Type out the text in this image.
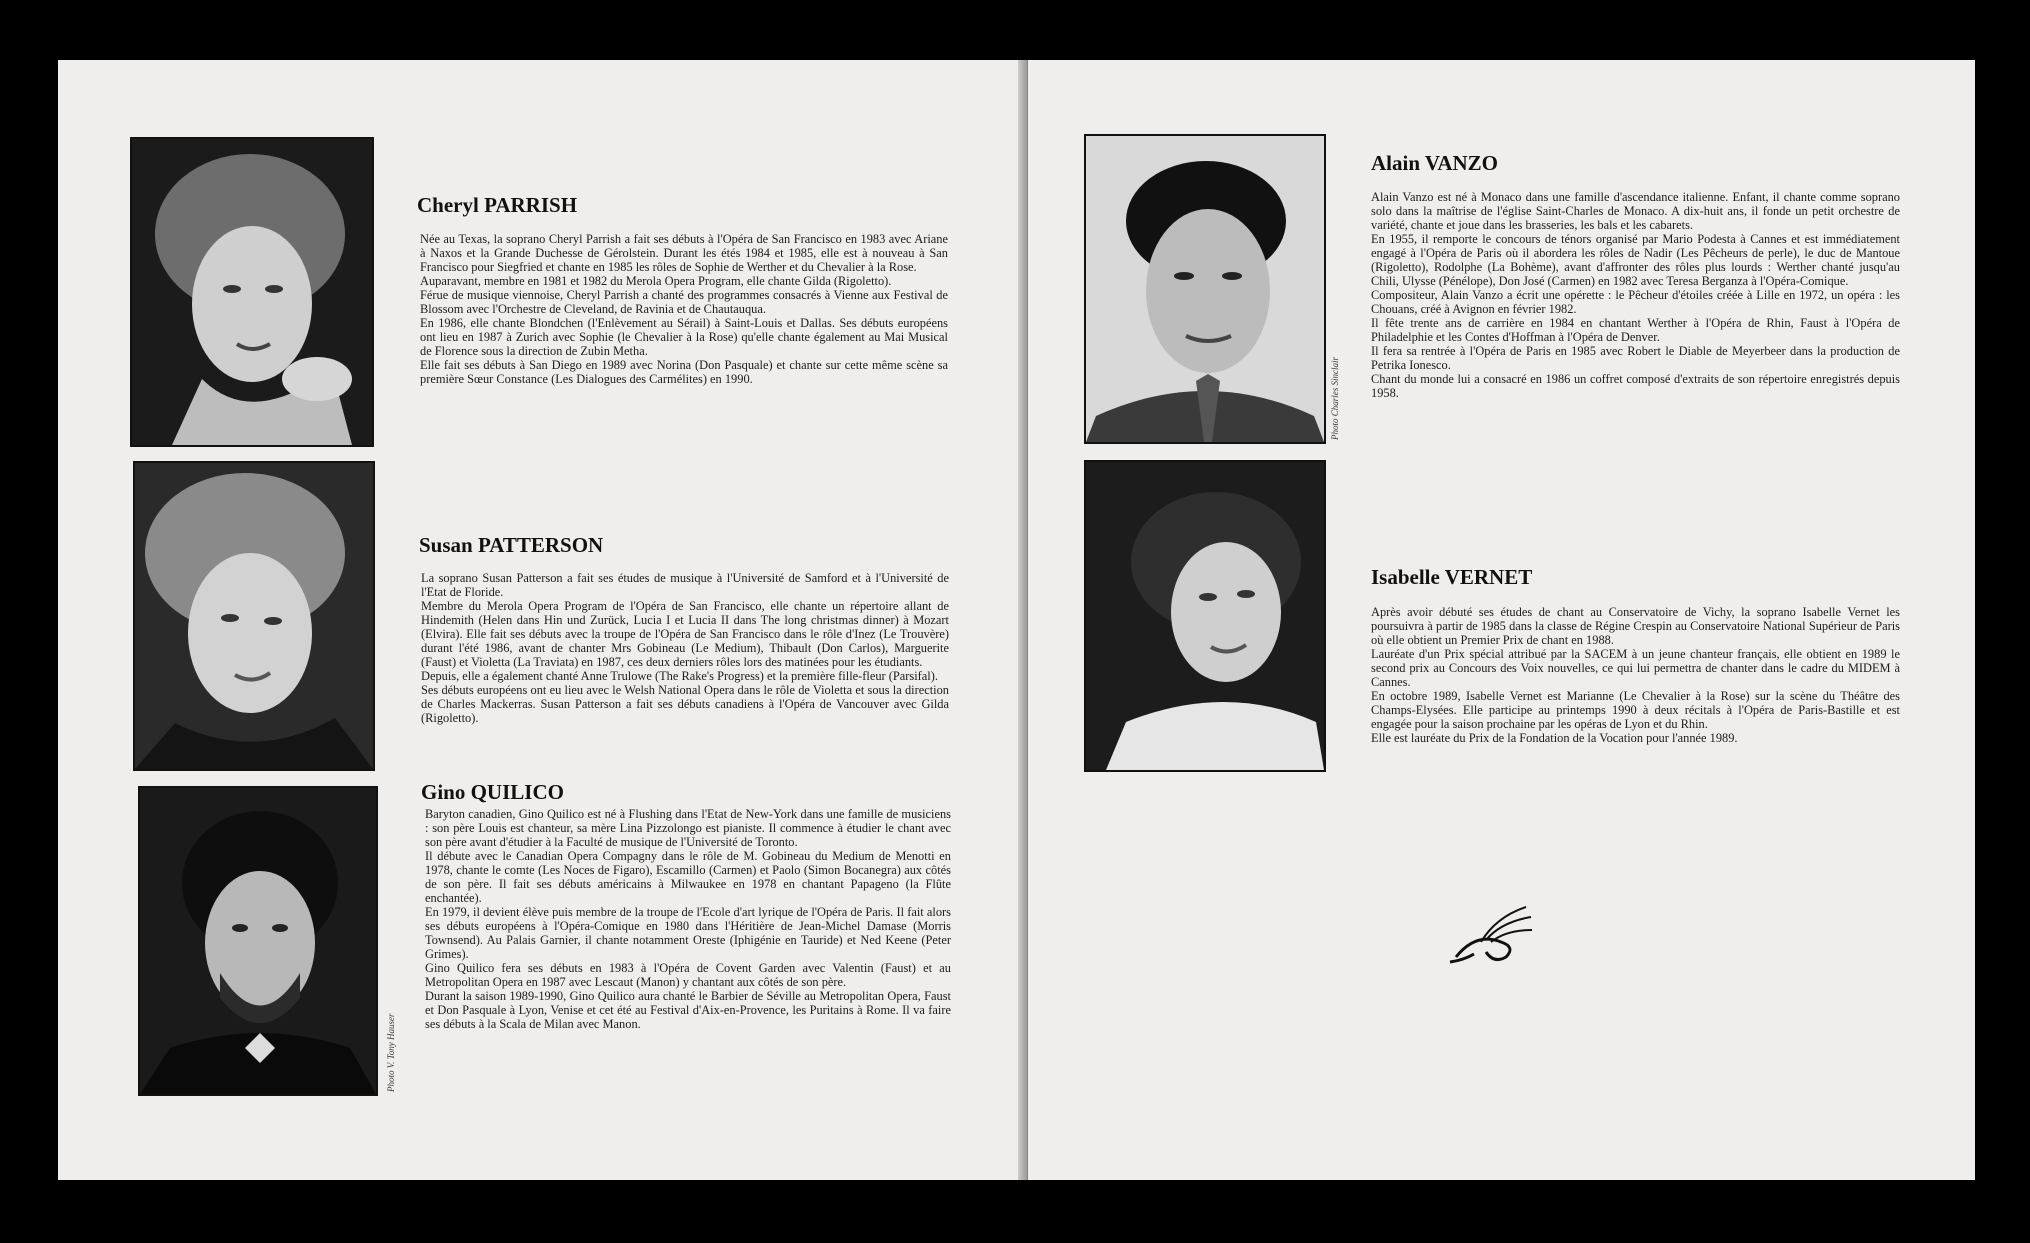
Cheryl PARRISH

Née au Texas, la soprano Cheryl Parrish a fait ses débuts à l'Opéra de San Francisco en 1983 avec Ariane à Naxos et la Grande Duchesse de Gérolstein. Durant les étés 1984 et 1985, elle est à nouveau à San Francisco pour Siegfried et chante en 1985 les rôles de Sophie de Werther et du Chevalier à la Rose.

Auparavant, membre en 1981 et 1982 du Merola Opera Program, elle chante Gilda (Rigoletto).

Férue de musique viennoise, Cheryl Parrish a chanté des programmes consacrés à Vienne aux Festival de Blossom avec l'Orchestre de Cleveland, de Ravinia et de Chautauqua.

En 1986, elle chante Blondchen (l'Enlèvement au Sérail) à Saint-Louis et Dallas. Ses débuts européens ont lieu en 1987 à Zurich avec Sophie (le Chevalier à la Rose) qu'elle chante également au Mai Musical de Florence sous la direction de Zubin Metha.

Elle fait ses débuts à San Diego en 1989 avec Norina (Don Pasquale) et chante sur cette même scène sa première Sœur Constance (Les Dialogues des Carmélites) en 1990.

Susan PATTERSON

La soprano Susan Patterson a fait ses études de musique à l'Université de Samford et à l'Université de l'Etat de Floride.

Membre du Merola Opera Program de l'Opéra de San Francisco, elle chante un répertoire allant de Hindemith (Helen dans Hin und Zurück, Lucia I et Lucia II dans The long christmas dinner) à Mozart (Elvira). Elle fait ses débuts avec la troupe de l'Opéra de San Francisco dans le rôle d'Inez (Le Trouvère) durant l'été 1986, avant de chanter Mrs Gobineau (Le Medium), Thibault (Don Carlos), Marguerite (Faust) et Violetta (La Traviata) en 1987, ces deux derniers rôles lors des matinées pour les étudiants.

Depuis, elle a également chanté Anne Trulowe (The Rake's Progress) et la première fille-fleur (Parsifal).

Ses débuts européens ont eu lieu avec le Welsh National Opera dans le rôle de Violetta et sous la direction de Charles Mackerras. Susan Patterson a fait ses débuts canadiens à l'Opéra de Vancouver avec Gilda (Rigoletto).

Photo V. Tony Hauser
Gino QUILICO

Baryton canadien, Gino Quilico est né à Flushing dans l'Etat de New-York dans une famille de musiciens : son père Louis est chanteur, sa mère Lina Pizzolongo est pianiste. Il commence à étudier le chant avec son père avant d'étudier à la Faculté de musique de l'Université de Toronto.

Il débute avec le Canadian Opera Compagny dans le rôle de M. Gobineau du Medium de Menotti en 1978, chante le comte (Les Noces de Figaro), Escamillo (Carmen) et Paolo (Simon Bocanegra) aux côtés de son père. Il fait ses débuts américains à Milwaukee en 1978 en chantant Papageno (la Flûte enchantée).

En 1979, il devient élève puis membre de la troupe de l'Ecole d'art lyrique de l'Opéra de Paris. Il fait alors ses débuts européens à l'Opéra-Comique en 1980 dans l'Héritière de Jean-Michel Damase (Morris Townsend). Au Palais Garnier, il chante notamment Oreste (Iphigénie en Tauride) et Ned Keene (Peter Grimes).

Gino Quilico fera ses débuts en 1983 à l'Opéra de Covent Garden avec Valentin (Faust) et au Metropolitan Opera en 1987 avec Lescaut (Manon) y chantant aux côtés de son père.

Durant la saison 1989-1990, Gino Quilico aura chanté le Barbier de Séville au Metropolitan Opera, Faust et Don Pasquale à Lyon, Venise et cet été au Festival d'Aix-en-Provence, les Puritains à Rome. Il va faire ses débuts à la Scala de Milan avec Manon.

Photo Charles Sinclair
Alain VANZO

Alain Vanzo est né à Monaco dans une famille d'ascendance italienne. Enfant, il chante comme soprano solo dans la maîtrise de l'église Saint-Charles de Monaco. A dix-huit ans, il fonde un petit orchestre de variété, chante et joue dans les brasseries, les bals et les cabarets.

En 1955, il remporte le concours de ténors organisé par Mario Podesta à Cannes et est immédiatement engagé à l'Opéra de Paris où il abordera les rôles de Nadir (Les Pêcheurs de perle), le duc de Mantoue (Rigoletto), Rodolphe (La Bohème), avant d'affronter des rôles plus lourds : Werther chanté jusqu'au Chili, Ulysse (Pénélope), Don José (Carmen) en 1982 avec Teresa Berganza à l'Opéra-Comique.

Compositeur, Alain Vanzo a écrit une opérette : le Pêcheur d'étoiles créée à Lille en 1972, un opéra : les Chouans, créé à Avignon en février 1982.

Il fête trente ans de carrière en 1984 en chantant Werther à l'Opéra de Rhin, Faust à l'Opéra de Philadelphie et les Contes d'Hoffman à l'Opéra de Denver.

Il fera sa rentrée à l'Opéra de Paris en 1985 avec Robert le Diable de Meyerbeer dans la production de Petrika Ionesco.

Chant du monde lui a consacré en 1986 un coffret composé d'extraits de son répertoire enregistrés depuis 1958.

Isabelle VERNET

Après avoir débuté ses études de chant au Conservatoire de Vichy, la soprano Isabelle Vernet les poursuivra à partir de 1985 dans la classe de Régine Crespin au Conservatoire National Supérieur de Paris où elle obtient un Premier Prix de chant en 1988.

Lauréate d'un Prix spécial attribué par la SACEM à un jeune chanteur français, elle obtient en 1989 le second prix au Concours des Voix nouvelles, ce qui lui permettra de chanter dans le cadre du MIDEM à Cannes.

En octobre 1989, Isabelle Vernet est Marianne (Le Chevalier à la Rose) sur la scène du Théâtre des Champs-Elysées. Elle participe au printemps 1990 à deux récitals à l'Opéra de Paris-Bastille et est engagée pour la saison prochaine par les opéras de Lyon et du Rhin.

Elle est lauréate du Prix de la Fondation de la Vocation pour l'année 1989.
